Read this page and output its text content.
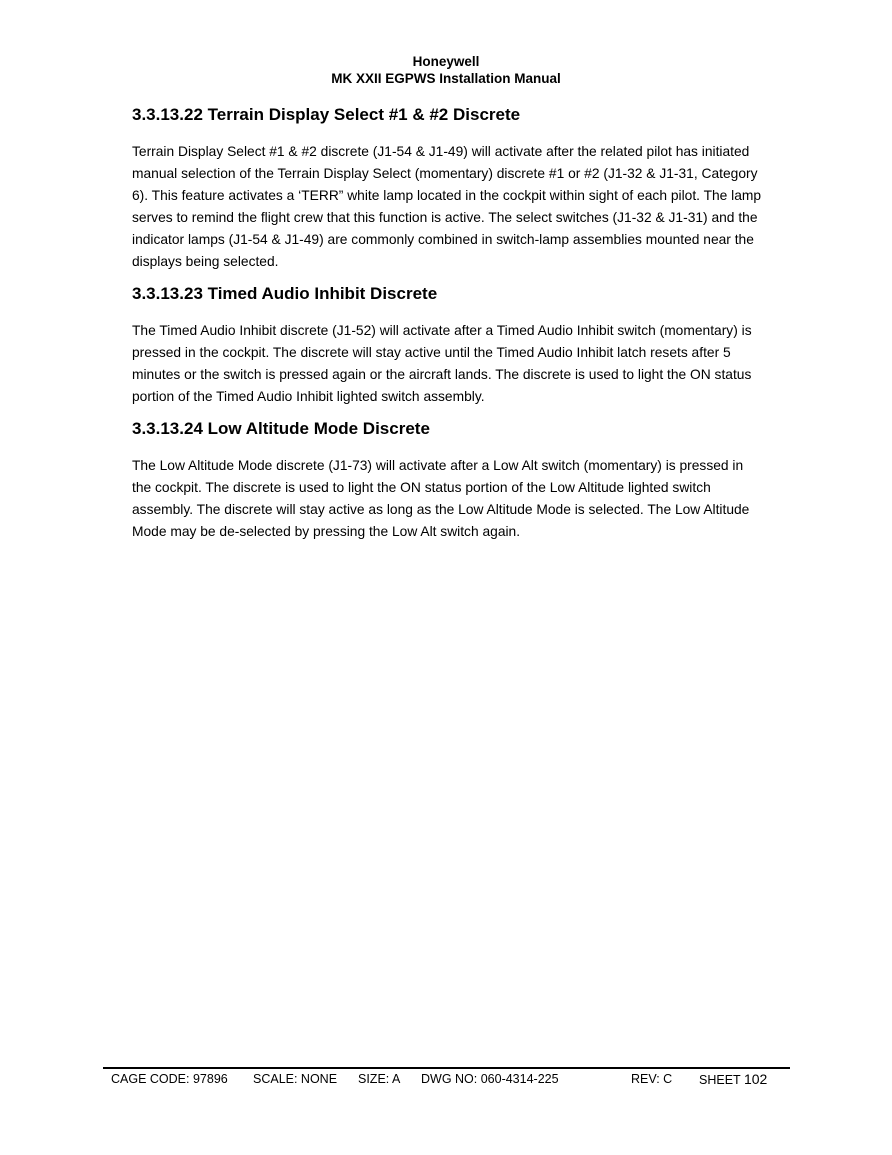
Honeywell
MK XXII EGPWS Installation Manual
3.3.13.22 Terrain Display Select #1 & #2 Discrete
Terrain Display Select #1 & #2 discrete (J1-54 & J1-49) will activate after the related pilot has initiated manual selection of the Terrain Display Select (momentary) discrete #1 or #2 (J1-32 & J1-31, Category 6). This feature activates a ‘TERR” white lamp located in the cockpit within sight of each pilot. The lamp serves to remind the flight crew that this function is active. The select switches (J1-32 & J1-31) and the indicator lamps (J1-54 & J1-49) are commonly combined in switch-lamp assemblies mounted near the displays being selected.
3.3.13.23 Timed Audio Inhibit Discrete
The Timed Audio Inhibit discrete (J1-52) will activate after a Timed Audio Inhibit switch (momentary) is pressed in the cockpit. The discrete will stay active until the Timed Audio Inhibit latch resets after 5 minutes or the switch is pressed again or the aircraft lands. The discrete is used to light the ON status portion of the Timed Audio Inhibit lighted switch assembly.
3.3.13.24 Low Altitude Mode Discrete
The Low Altitude Mode discrete (J1-73) will activate after a Low Alt switch (momentary) is pressed in the cockpit. The discrete is used to light the ON status portion of the Low Altitude lighted switch assembly. The discrete will stay active as long as the Low Altitude Mode is selected. The Low Altitude Mode may be de-selected by pressing the Low Alt switch again.
CAGE CODE: 97896 SCALE: NONE SIZE: A DWG NO: 060-4314-225	REV: C SHEET 102
